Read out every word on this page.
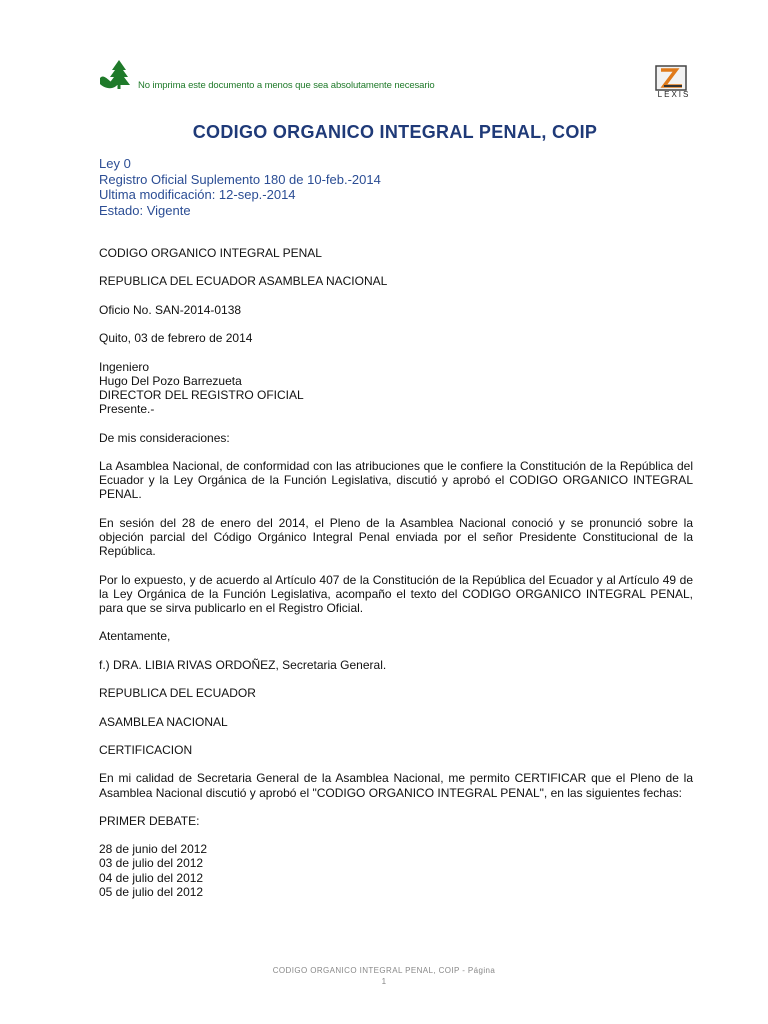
No imprima este documento a menos que sea absolutamente necesario
LEXIS
CODIGO ORGANICO INTEGRAL PENAL, COIP
Ley 0
Registro Oficial Suplemento 180 de 10-feb.-2014
Ultima modificación: 12-sep.-2014
Estado: Vigente

CODIGO ORGANICO INTEGRAL PENAL

REPUBLICA DEL ECUADOR ASAMBLEA NACIONAL

Oficio No. SAN-2014-0138

Quito, 03 de febrero de 2014

Ingeniero
Hugo Del Pozo Barrezueta
DIRECTOR DEL REGISTRO OFICIAL
Presente.-

De mis consideraciones:

La Asamblea Nacional, de conformidad con las atribuciones que le confiere la Constitución de la República del Ecuador y la Ley Orgánica de la Función Legislativa, discutió y aprobó el CODIGO ORGANICO INTEGRAL PENAL.

En sesión del 28 de enero del 2014, el Pleno de la Asamblea Nacional conoció y se pronunció sobre la objeción parcial del Código Orgánico Integral Penal enviada por el señor Presidente Constitucional de la República.

Por lo expuesto, y de acuerdo al Artículo 407 de la Constitución de la República del Ecuador y al Artículo 49 de la Ley Orgánica de la Función Legislativa, acompaño el texto del CODIGO ORGANICO INTEGRAL PENAL, para que se sirva publicarlo en el Registro Oficial.

Atentamente,

f.) DRA. LIBIA RIVAS ORDOÑEZ, Secretaria General.

REPUBLICA DEL ECUADOR

ASAMBLEA NACIONAL

CERTIFICACION

En mi calidad de Secretaria General de la Asamblea Nacional, me permito CERTIFICAR que el Pleno de la Asamblea Nacional discutió y aprobó el "CODIGO ORGANICO INTEGRAL PENAL", en las siguientes fechas:

PRIMER DEBATE:

28 de junio del 2012
03 de julio del 2012
04 de julio del 2012
05 de julio del 2012

CODIGO ORGANICO INTEGRAL PENAL, COIP - Página
1
